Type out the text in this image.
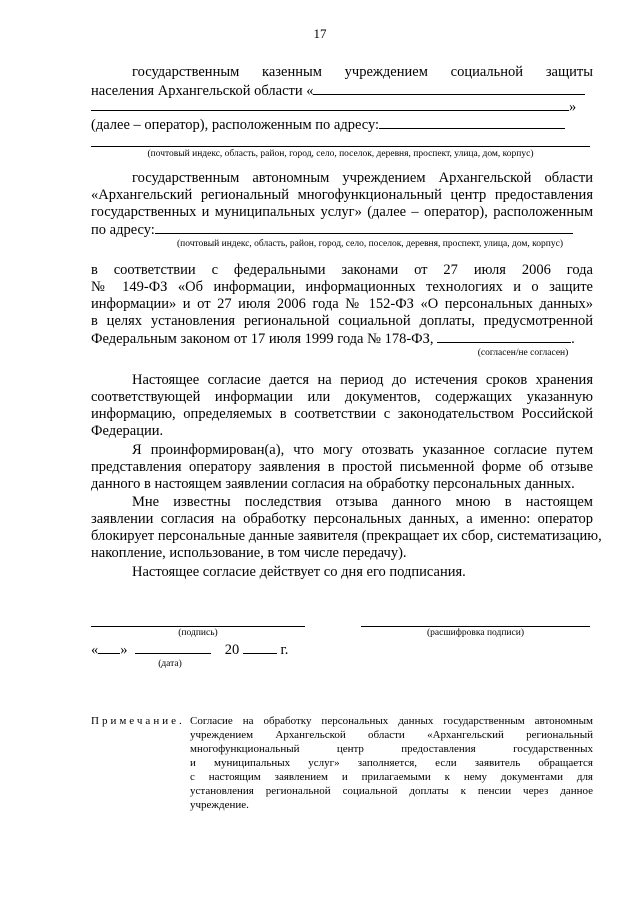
17
государственным казенным учреждением социальной защиты
населения Архангельской области «
»
(далее – оператор), расположенным по адресу:
(почтовый индекс, область, район, город, село, поселок, деревня, проспект, улица, дом, корпус)
государственным автономным учреждением Архангельской области
«Архангельский региональный многофункциональный центр предоставления
государственных и муниципальных услуг» (далее – оператор), расположенным
по адресу:
(почтовый индекс, область, район, город, село, поселок, деревня, проспект, улица, дом, корпус)
в соответствии с федеральными законами от 27 июля 2006 года
№ 149-ФЗ «Об информации, информационных технологиях и о защите
информации» и от 27 июля 2006 года № 152-ФЗ «О персональных данных»
в целях установления региональной социальной доплаты, предусмотренной
Федеральным законом от 17 июля 1999 года № 178-ФЗ,	.
(согласен/не согласен)
Настоящее согласие дается на период до истечения сроков хранения
соответствующей информации или документов, содержащих указанную
информацию, определяемых в соответствии с законодательством Российской
Федерации.
Я проинформирован(а), что могу отозвать указанное согласие путем
представления оператору заявления в простой письменной форме об отзыве
данного в настоящем заявлении согласия на обработку персональных данных.
Мне известны последствия отзыва данного мною в настоящем
заявлении согласия на обработку персональных данных, а именно: оператор
блокирует персональные данные заявителя (прекращает их сбор, систематизацию,
накопление, использование, в том числе передачу).
Настоящее согласие действует со дня его подписания.
(подпись)	(расшифровка подписи)
« »	20	г.
(дата)
Примечание. Согласие на обработку персональных данных государственным автономным
учреждением Архангельской области «Архангельский региональный
многофункциональный центр предоставления государственных
и муниципальных услуг» заполняется, если заявитель обращается
с настоящим заявлением и прилагаемыми к нему документами для
установления региональной социальной доплаты к пенсии через данное
учреждение.
